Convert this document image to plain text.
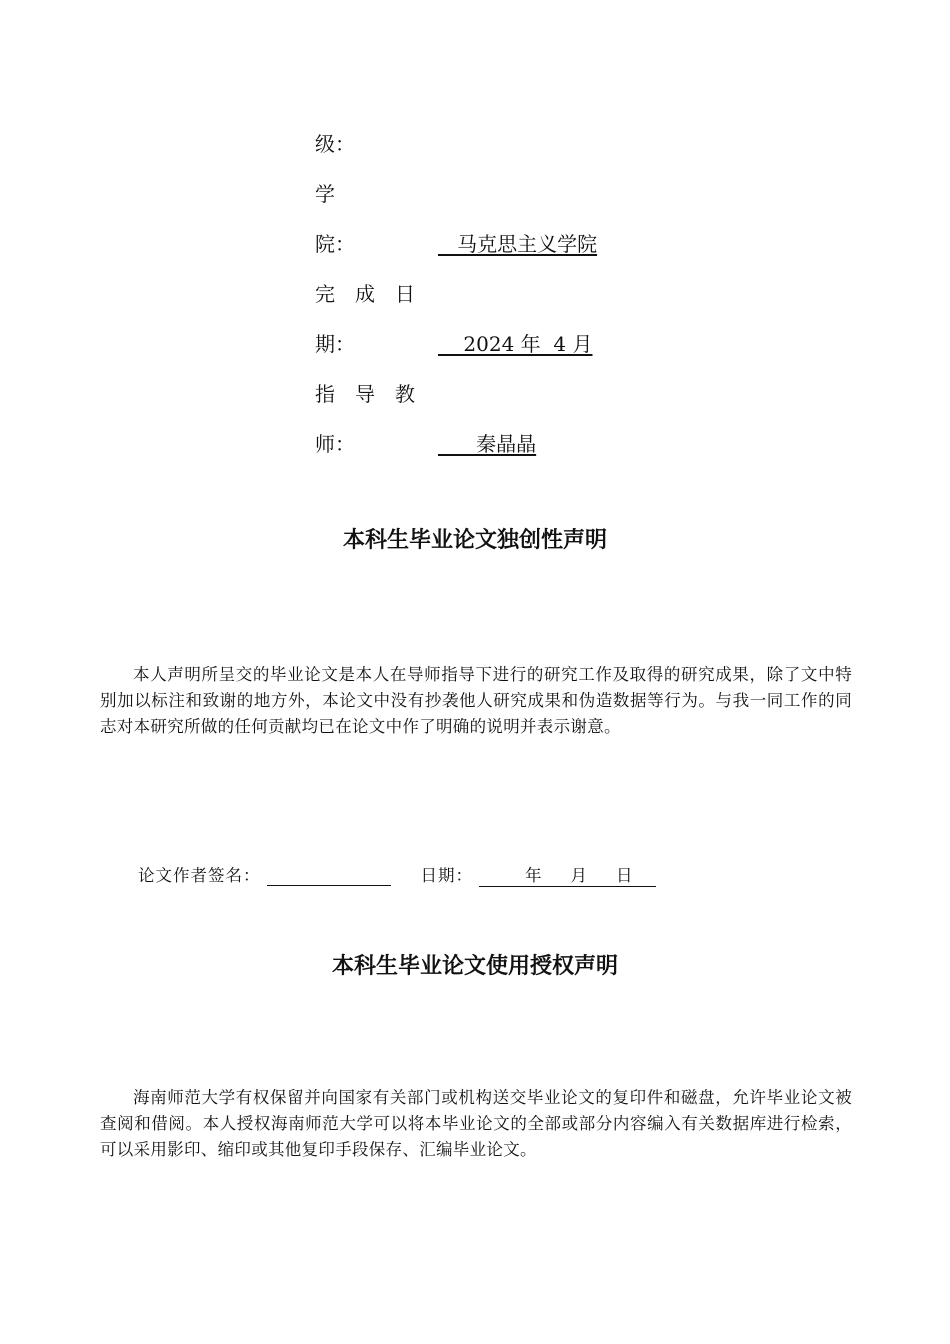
级：
学
院：	马克思主义学院
完　成　日
期：	2024 年  4 月
指　导　教
师：	秦晶晶
本科生毕业论文独创性声明
本人声明所呈交的毕业论文是本人在导师指导下进行的研究工作及取得的研究成果，除了文中特别加以标注和致谢的地方外，本论文中没有抄袭他人研究成果和伪造数据等行为。与我一同工作的同志对本研究所做的任何贡献均已在论文中作了明确的说明并表示谢意。
论文作者签名：	日期：	年 月 日
本科生毕业论文使用授权声明
海南师范大学有权保留并向国家有关部门或机构送交毕业论文的复印件和磁盘，允许毕业论文被查阅和借阅。本人授权海南师范大学可以将本毕业论文的全部或部分内容编入有关数据库进行检索，可以采用影印、缩印或其他复印手段保存、汇编毕业论文。
